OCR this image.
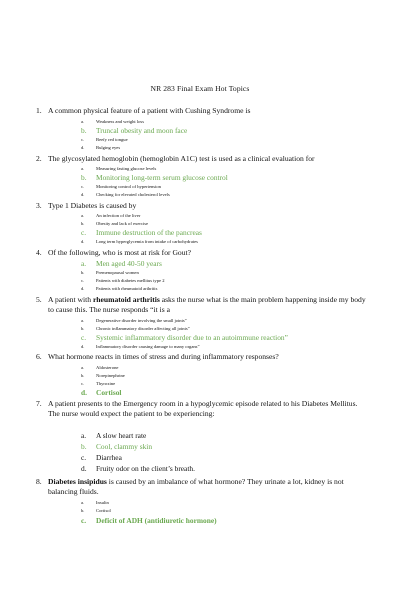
NR 283 Final Exam Hot Topics
1. A common physical feature of a patient with Cushing Syndrome is
a.	Weakness and weight loss
b. Truncal obesity and moon face
c.	Beefy red tongue
d.	Bulging eyes
2. The glycosylated hemoglobin (hemoglobin A1C) test is used as a clinical evaluation for
a.	Measuring fasting glucose levels
b. Monitoring long-term serum glucose control
c.	Monitoring control of hypertension
d.	Checking for elevated cholesterol levels
3. Type 1 Diabetes is caused by
a.	An infection of the liver
b.	Obesity and lack of exercise
c. Immune destruction of the pancreas
d.	Long term hyperglycemia from intake of carbohydrates
4. Of the following, who is most at risk for Gout?
a. Men aged 40-50 years
b.	Premenopausal women
c.	Patients with diabetes mellitus type 2
d.	Patients with rheumatoid arthritis
5. A patient with rheumatoid arthritis asks the nurse what is the main problem happening inside my body to cause this. The nurse responds “it is a
a.	Degenerative disorder involving the small joints”
b.	Chronic inflammatory disorder affecting all joints”
c. Systemic inflammatory disorder due to an autoimmune reaction”
d.	Inflammatory disorder causing damage to many organs”
6. What hormone reacts in times of stress and during inflammatory responses?
a.	Aldosterone
b.	Norepinephrine
c.	Thyroxine
d. Cortisol
7. A patient presents to the Emergency room in a hypoglycemic episode related to his Diabetes Mellitus. The nurse would expect the patient to be experiencing:
a. A slow heart rate
b. Cool, clammy skin
c. Diarrhea
d. Fruity odor on the client’s breath.
8. Diabetes insipidus is caused by an imbalance of what hormone? They urinate a lot, kidney is not balancing fluids.
a.	Insulin
b.	Cortisol
c. Deficit of ADH (antidiuretic hormone)
